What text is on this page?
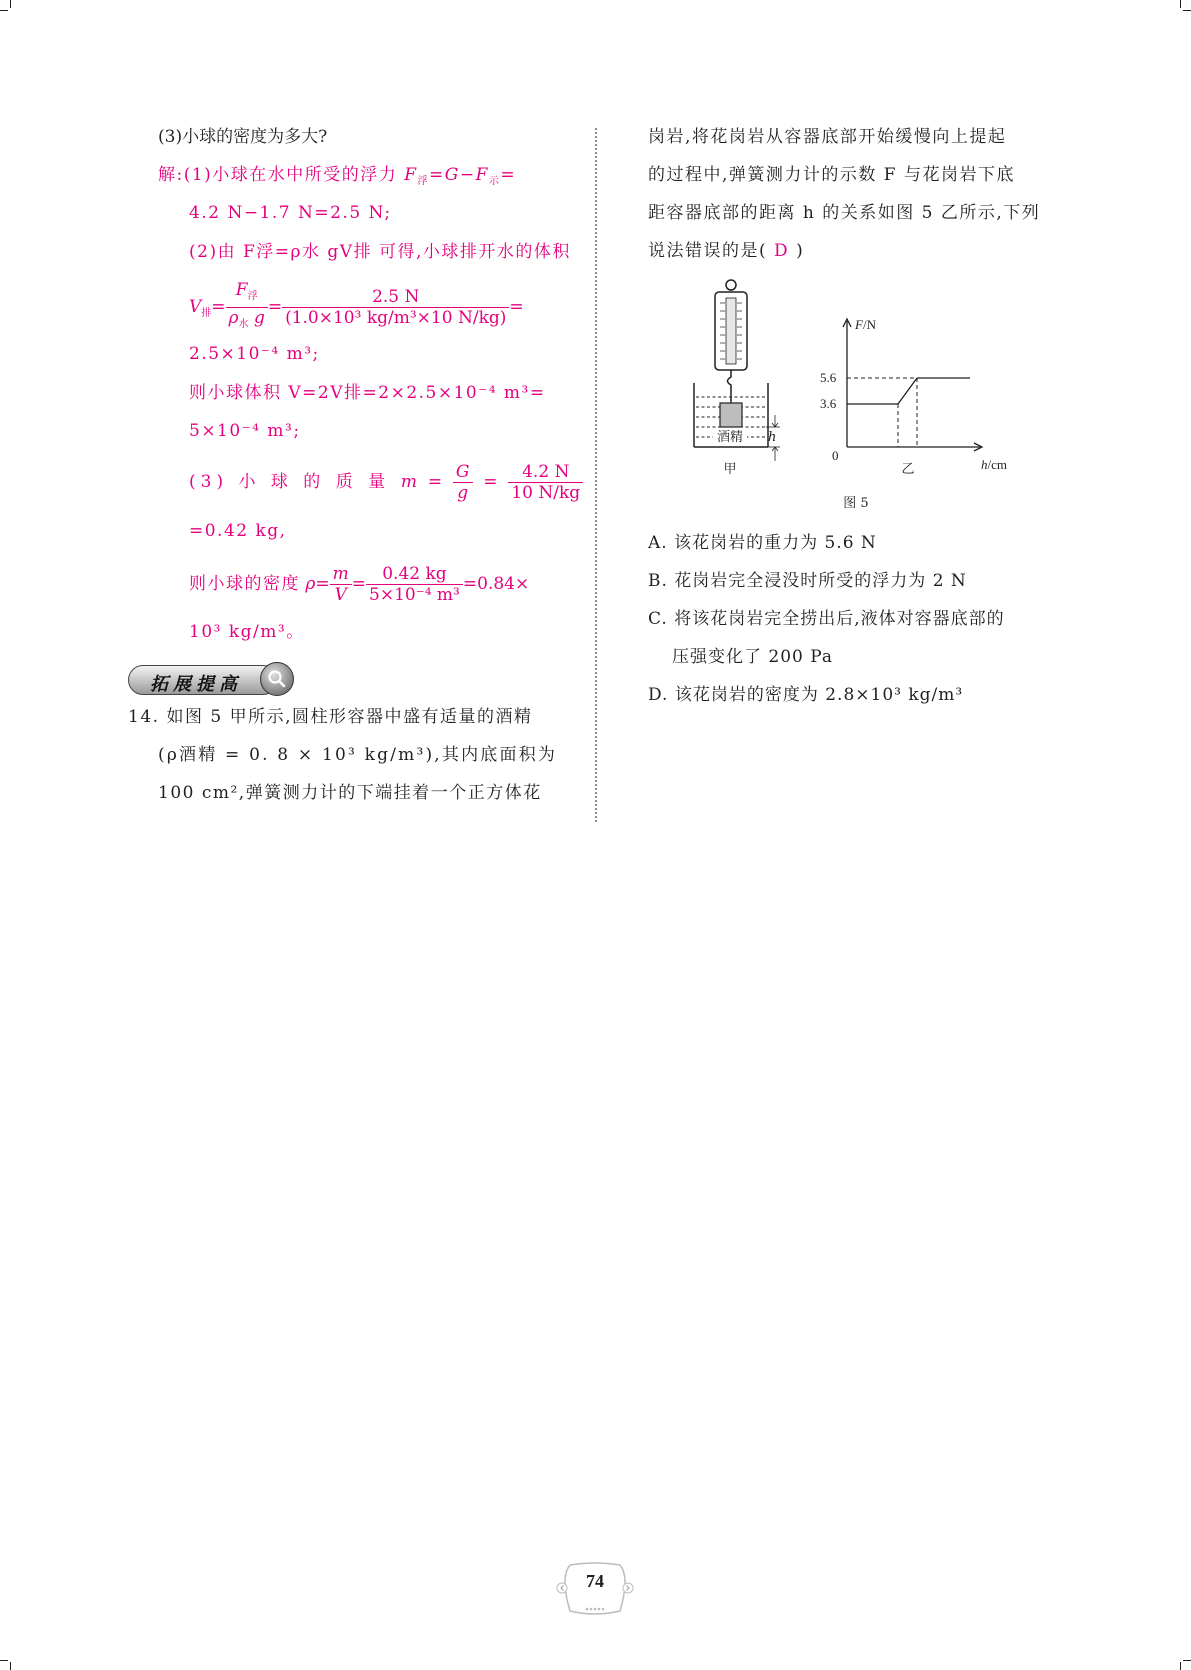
(3)小球的密度为多大?
解:(1)小球在水中所受的浮力 $F_浮=G-F_示=$
4.2 N−1.7 N=2.5 N;
(2)由 F浮=ρ水 gV排 可得,小球排开水的体积
$V_排= \frac{F_浮}{\rho_水 g} = \frac{2.5 N}{\text{(1.0×10³ kg/m³×10 N/kg)}}$ =
2.5×10⁻⁴ m³;
则小球体积 V=2V排=2×2.5×10⁻⁴ m³=
5×10⁻⁴ m³;
(3) 小 球 的 质 量 $m = \frac{G}{g} = \frac{4.2 N}{10 N/kg}$
=0.42 kg,
则小球的密度 $\rho= \frac{m}{V} = \frac{0.42 kg}{\text{5×10⁻⁴ m³}} =0.84\times$
10³ kg/m³。
拓展提高
14. 如图 5 甲所示,圆柱形容器中盛有适量的酒精
(ρ酒精 = 0. 8 × 10³ kg/m³),其内底面积为
100 cm²,弹簧测力计的下端挂着一个正方体花
岗岩,将花岗岩从容器底部开始缓慢向上提起
的过程中,弹簧测力计的示数 F 与花岗岩下底
距容器底部的距离 h 的关系如图 5 乙所示,下列
说法错误的是( D )
酒精 h
甲
F/N
h/cm
5.6
3.6
0
乙
图 5
A. 该花岗岩的重力为 5.6 N
B. 花岗岩完全浸没时所受的浮力为 2 N
C. 将该花岗岩完全捞出后,液体对容器底部的
压强变化了 200 Pa
D. 该花岗岩的密度为 2.8×10³ kg/m³
74
